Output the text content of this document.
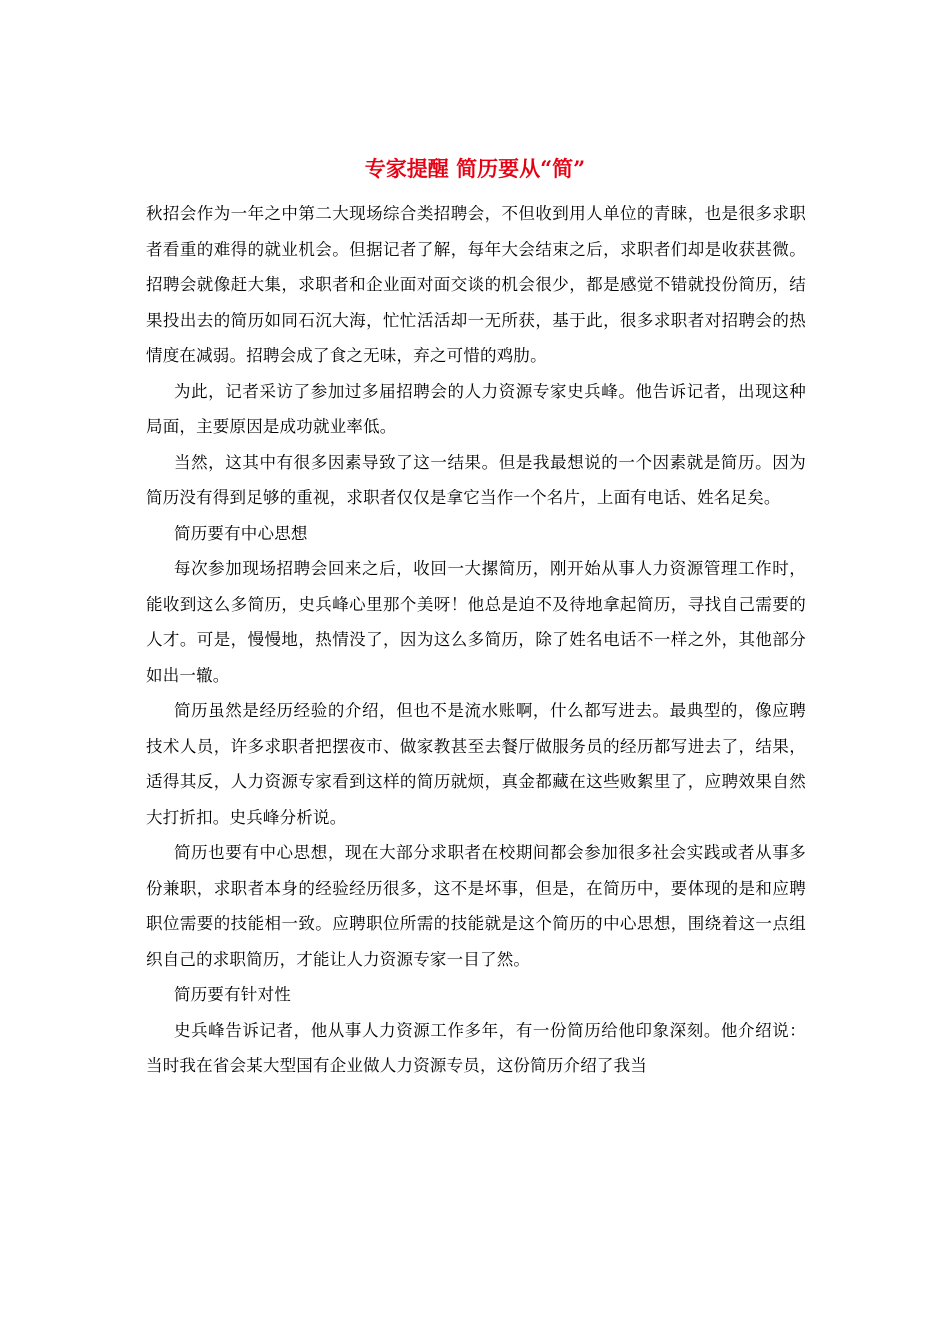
专家提醒 简历要从“简”

秋招会作为一年之中第二大现场综合类招聘会，不但收到用人单位的青睐，也是很多求职者看重的难得的就业机会。但据记者了解，每年大会结束之后，求职者们却是收获甚微。招聘会就像赶大集，求职者和企业面对面交谈的机会很少，都是感觉不错就投份简历，结果投出去的简历如同石沉大海，忙忙活活却一无所获，基于此，很多求职者对招聘会的热情度在减弱。招聘会成了食之无味，弃之可惜的鸡肋。

为此，记者采访了参加过多届招聘会的人力资源专家史兵峰。他告诉记者，出现这种局面，主要原因是成功就业率低。

当然，这其中有很多因素导致了这一结果。但是我最想说的一个因素就是简历。因为简历没有得到足够的重视，求职者仅仅是拿它当作一个名片，上面有电话、姓名足矣。

简历要有中心思想

每次参加现场招聘会回来之后，收回一大摞简历，刚开始从事人力资源管理工作时，能收到这么多简历，史兵峰心里那个美呀！他总是迫不及待地拿起简历，寻找自己需要的人才。可是，慢慢地，热情没了，因为这么多简历，除了姓名电话不一样之外，其他部分如出一辙。

简历虽然是经历经验的介绍，但也不是流水账啊，什么都写进去。最典型的，像应聘技术人员，许多求职者把摆夜市、做家教甚至去餐厅做服务员的经历都写进去了，结果，适得其反，人力资源专家看到这样的简历就烦，真金都藏在这些败絮里了，应聘效果自然大打折扣。史兵峰分析说。

简历也要有中心思想，现在大部分求职者在校期间都会参加很多社会实践或者从事多份兼职，求职者本身的经验经历很多，这不是坏事，但是，在简历中，要体现的是和应聘职位需要的技能相一致。应聘职位所需的技能就是这个简历的中心思想，围绕着这一点组织自己的求职简历，才能让人力资源专家一目了然。

简历要有针对性

史兵峰告诉记者，他从事人力资源工作多年，有一份简历给他印象深刻。他介绍说：当时我在省会某大型国有企业做人力资源专员，这份简历介绍了我当
